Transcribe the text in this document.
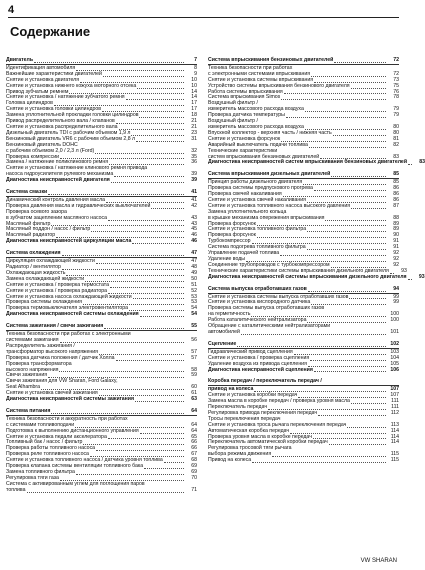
4
Содержание
Двигатель	7
Идентификация автомобиля	8
Важнейшие характеристики двигателей	9
Снятие и установка двигателя	10
Снятие и установка нижнего кожуха моторного отсека	10
Привод зубчатым ремнем	14
Снятие и установка / натяжение зубчатого ремня	14
Головка цилиндров	17
Снятие и установка головки цилиндров	17
Замена уплотнительной прокладки головки цилиндров	18
Привод распределительного вала / клапанов	21
Снятие и установка распределительного вала	21
Дизельный двигатель TDI с рабочим объемом 1,9 л	23
Бензиновый двигатель VR6 с рабочим объемом 2,8 л	31
Бензиновый двигатель DOHC
с рабочим объемом 2,0 / 2,3 л (Ford)	32
Проверка компрессии	35
Замена / натяжение поликлинового ремня	36
Снятие и установка / натяжение клинового ремня привода
насоса гидроусилителя рулевого механизма	39
Диагностика неисправностей двигателя	39
Система смазки	41
Динамический контроль давления масла	41
Проверка давления масла и гидравлических выключателей	42
Проверка осевого зазора
в зубчатом зацеплении масляного насоса	43
Масляный фильтр	43
Масляный поддон / насос / фильтр	45
Масляный радиатор	46
Диагностика неисправностей циркуляции масла	46
Система охлаждения	47
Циркуляция охлаждающей жидкости	47
Радиатор / вентилятор	48
Охлаждающая жидкость	49
Замена охлаждающей жидкости	50
Снятие и установка / проверка термостата	51
Снятие и установка / проверка радиатора	52
Снятие и установка насоса охлаждающей жидкости	53
Проверка системы охлаждения	53
Проверка термовыключателя электровентилятора	54
Диагностика неисправностей системы охлаждения	54
Система зажигания / свечи зажигания	55
Техника безопасности при работах с электронными
системами зажигания	56
Распределитель зажигания /
трансформатор высокого напряжения	57
Проверка датчика положения / датчик Холла	57
Проверка трансформатора
высокого напряжения	58
Свечи зажигания	59
Свечи зажигания для VW Sharan, Ford Galaxy,
Seat Alhambra	60
Снятие и установка свечей зажигания	61
Диагностика неисправностей системы зажигания	63
Система питания	64
Техника безопасности и аккуратность при работах
с системами топливоподачи	64
Подготовка к выполнению дистанционного управления	64
Снятие и установка педали акселератора	65
Топливный бак / насос / фильтр	66
Проверка работы топливного насоса	66
Проверка реле топливного насоса	67
Снятие и установка топливного насоса / датчика уровня топлива	68
Проверка клапана системы вентиляции топливного бака	69
Замена топливного фильтра	69
Регулировка тяги газа	70
Система с активированным углем для поглощения паров
топлива	71
Система впрыскивания бензиновых двигателей	72
Техника безопасности при работах
с электронными системами впрыскивания	72
Снятие и установка системы впрыскивания	73
Устройство системы впрыскивания бензинового двигателя	75
Работа системы впрыскивания	76
Система впрыскивания Simos	78
Воздушный фильтр /
измеритель массового расхода воздуха	79
Проверка датчика температуры	79
Воздушный фильтр /
измеритель массового расхода воздуха	80
Впускной коллектор - верхняя часть / нижняя часть	80
Снятие и установка форсунок	81
Аварийный выключатель подачи топлива	82
Технические характеристики
систем впрыскивания бензиновых двигателей	83
Диагностика неисправностей систем впрыскивания бензиновых двигателей	83
Система впрыскивания дизельных двигателей	85
Принцип работы дизельного двигателя	85
Проверка системы предпускового прогрева	86
Проверка свечей накаливания	86
Снятие и установка свечей накаливания	86
Снятие и установка топливного насоса высокого давления	87
Замена уплотнительного кольца
в крышке механизма опережения впрыскивания	88
Проверка форсунок	89
Снятие и установка топливного фильтра	89
Проверка форсунок	90
Турбокомпрессор	91
Система подогрева топливного фильтра	91
Управление подачей топлива	92
Удаление воды	92
Соединение трубопроводов с турбокомпрессором	92
Технические характеристики системы впрыскивания дизельного двигателя	93
Диагностика неисправностей системы впрыскивания дизельного двигателя	93
Система выпуска отработавших газов	94
Снятие и установка системы выпуска отработавших газов	99
Снятие и установка кислородного датчика	99
Проверка системы выпуска отработавших газов
на герметичность	100
Работа каталитического нейтрализатора	100
Обращение с каталитическими нейтрализаторами
автомобилей	101
Сцепление	102
Гидравлический привод сцепления	103
Снятие и установка / проверка сцепления	104
Удаление воздуха из привода сцепления	105
Диагностика неисправностей сцепления	106
Коробка передач / переключатель передач /
привод на колеса	107
Снятие и установка коробки передач	107
Замена масла в коробке передач / проверка уровня масла	111
Переключатель передач	111
Регулировка привода переключения передач	112
Тросы переключения передач
Снятие и установка троса рычага переключения передач	113
Автоматическая коробка передач	114
Проверка уровня масла в коробке передач	114
Переключатель автоматической коробки передач	114
Регулировка тросовой тяги рычага
выбора режима движения	115
Привод на колеса	115
VW SHARAN
